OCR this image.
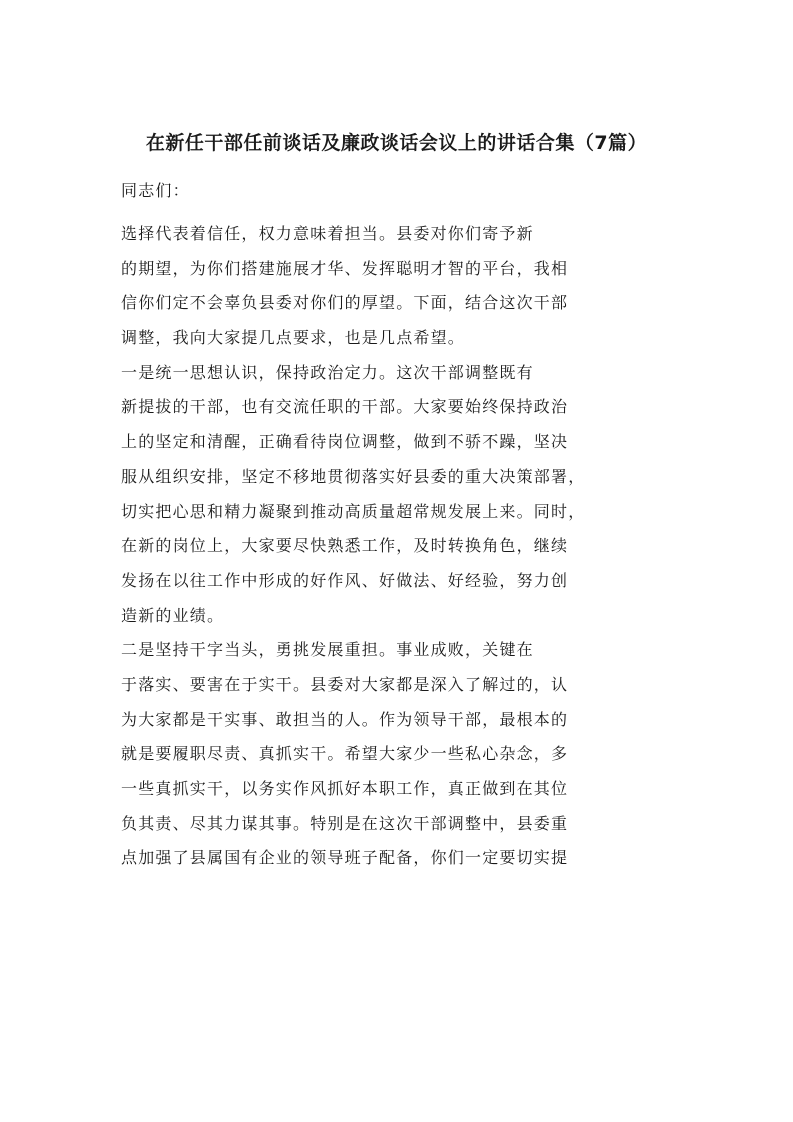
在新任干部任前谈话及廉政谈话会议上的讲话合集（7篇）
同志们：
选择代表着信任，权力意味着担当。县委对你们寄予新
的期望，为你们搭建施展才华、发挥聪明才智的平台，我相
信你们定不会辜负县委对你们的厚望。下面，结合这次干部
调整，我向大家提几点要求，也是几点希望。
一是统一思想认识，保持政治定力。这次干部调整既有
新提拔的干部，也有交流任职的干部。大家要始终保持政治
上的坚定和清醒，正确看待岗位调整，做到不骄不躁，坚决
服从组织安排，坚定不移地贯彻落实好县委的重大决策部署，
切实把心思和精力凝聚到推动高质量超常规发展上来。同时，
在新的岗位上，大家要尽快熟悉工作，及时转换角色，继续
发扬在以往工作中形成的好作风、好做法、好经验，努力创
造新的业绩。
二是坚持干字当头，勇挑发展重担。事业成败，关键在
于落实、要害在于实干。县委对大家都是深入了解过的，认
为大家都是干实事、敢担当的人。作为领导干部，最根本的
就是要履职尽责、真抓实干。希望大家少一些私心杂念，多
一些真抓实干，以务实作风抓好本职工作，真正做到在其位
负其责、尽其力谋其事。特别是在这次干部调整中，县委重
点加强了县属国有企业的领导班子配备，你们一定要切实提
